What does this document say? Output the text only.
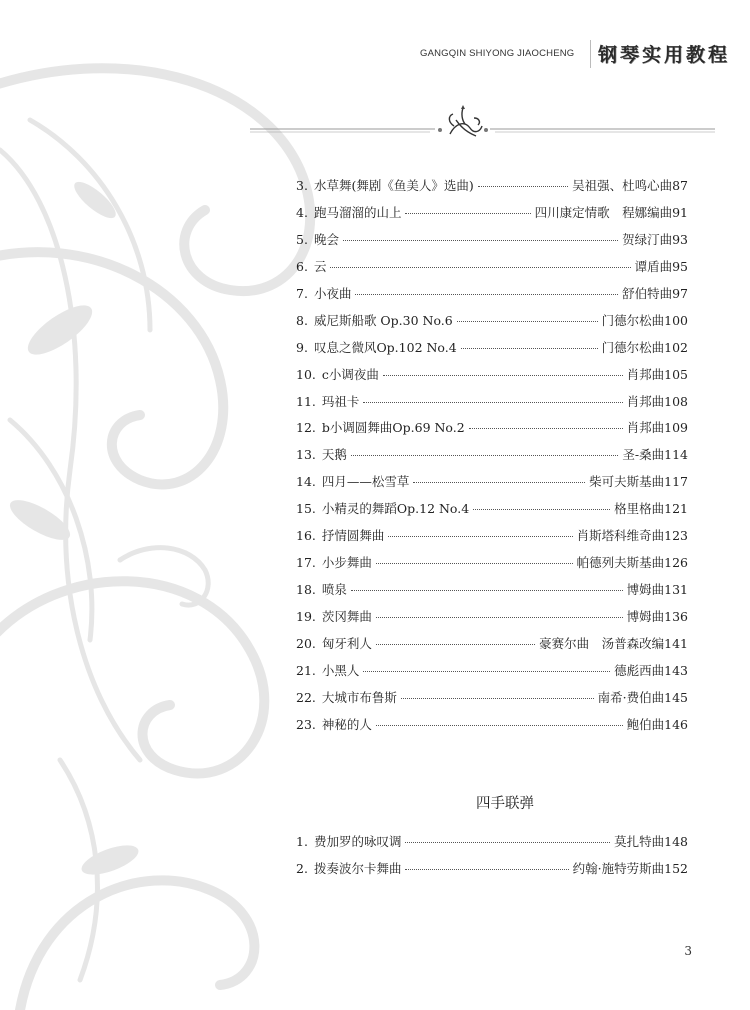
GANGQIN SHIYONG JIAOCHENG	钢琴实用教程
3. 水草舞(舞剧《鱼美人》选曲)	吴祖强、杜鸣心曲87
4. 跑马溜溜的山上	四川康定情歌　程娜编曲91
5. 晚会	贺绿汀曲93
6. 云	谭盾曲95
7. 小夜曲	舒伯特曲97
8. 威尼斯船歌 Op.30 No.6	门德尔松曲100
9. 叹息之微风Op.102 No.4	门德尔松曲102
10. c小调夜曲	肖邦曲105
11. 玛祖卡	肖邦曲108
12. b小调圆舞曲Op.69 No.2	肖邦曲109
13. 天鹅	圣-桑曲114
14. 四月——松雪草	柴可夫斯基曲117
15. 小精灵的舞蹈Op.12 No.4	格里格曲121
16. 抒情圆舞曲	肖斯塔科维奇曲123
17. 小步舞曲	帕德列夫斯基曲126
18. 喷泉	博姆曲131
19. 茨冈舞曲	博姆曲136
20. 匈牙利人	豪赛尔曲　汤普森改编141
21. 小黑人	德彪西曲143
22. 大城市布鲁斯	南希·费伯曲145
23. 神秘的人	鲍伯曲146
四手联弹
1. 费加罗的咏叹调	莫扎特曲148
2. 拨奏波尔卡舞曲	约翰·施特劳斯曲152
3
